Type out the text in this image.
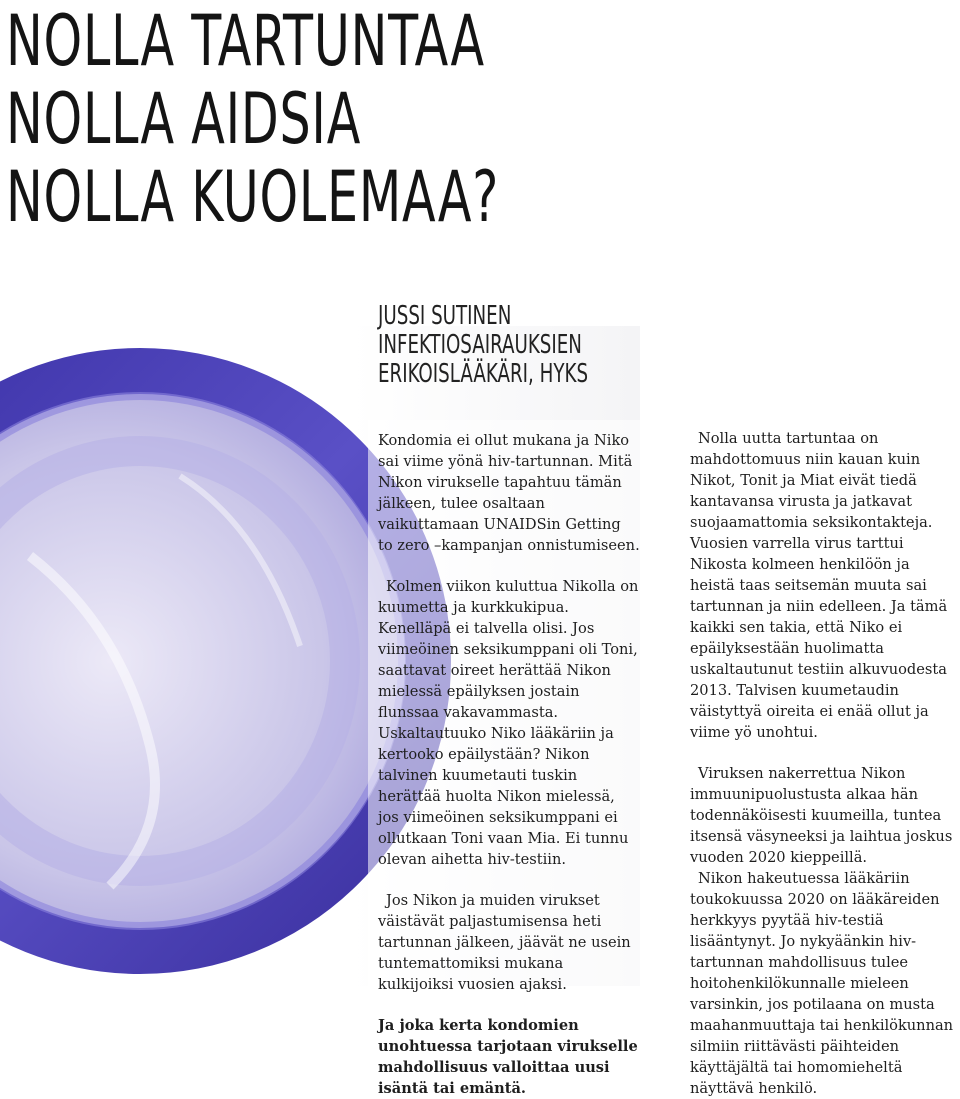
NOLLA TARTUNTAA
NOLLA AIDSIA
NOLLA KUOLEMAA?
JUSSI SUTINEN
INFEKTIOSAIRAUKSIEN
ERIKOISLÄÄKÄRI, HYKS

Kondomia ei ollut mukana ja Niko sai viime yönä hiv-tartunnan. Mitä Nikon virukselle tapahtuu tämän jälkeen, tulee osaltaan vaikuttamaan UNAIDSin Getting to zero –kampanjan onnistumiseen.

Kolmen viikon kuluttua Nikolla on kuumetta ja kurkkukipua. Kenelläpä ei talvella olisi. Jos viimeöinen seksikumppani oli Toni, saattavat oireet herättää Nikon mielessä epäilyksen jostain flunssaa vakavammasta. Uskaltautuuko Niko lääkäriin ja kertooko epäilystään? Nikon talvinen kuumetauti tuskin herättää huolta Nikon mielessä, jos viimeöinen seksikumppani ei ollutkaan Toni vaan Mia. Ei tunnu olevan aihetta hiv-testiin.

Jos Nikon ja muiden virukset väistävät paljastumisensa heti tartunnan jälkeen, jäävät ne usein tuntemattomiksi mukana kulkijoiksi vuosien ajaksi.

Ja joka kerta kondomien unohtuessa tarjotaan virukselle mahdollisuus valloittaa uusi isäntä tai emäntä.

Nolla uutta tartuntaa on mahdottomuus niin kauan kuin Nikot, Tonit ja Miat eivät tiedä kantavansa virusta ja jatkavat suojaamattomia seksikontakteja. Vuosien varrella virus tarttui Nikosta kolmeen henkilöön ja heistä taas seitsemän muuta sai tartunnan ja niin edelleen. Ja tämä kaikki sen takia, että Niko ei epäilyksestään huolimatta uskaltautunut testiin alkuvuodesta 2013. Talvisen kuumetaudin väistyttyä oireita ei enää ollut ja viime yö unohtui.

Viruksen nakerrettua Nikon immuunipuolustusta alkaa hän todennäköisesti kuumeilla, tuntea itsensä väsyneeksi ja laihtua joskus vuoden 2020 kieppeillä.

Nikon hakeutuessa lääkäriin toukokuussa 2020 on lääkäreiden herkkyys pyytää hiv-testiä lisääntynyt. Jo nykyäänkin hiv-tartunnan mahdollisuus tulee hoitohenkilökunnalle mieleen varsinkin, jos potilaana on musta maahanmuuttaja tai henkilökunnan silmiin riittävästi päihteiden käyttäjältä tai homomieheltä näyttävä henkilö.
